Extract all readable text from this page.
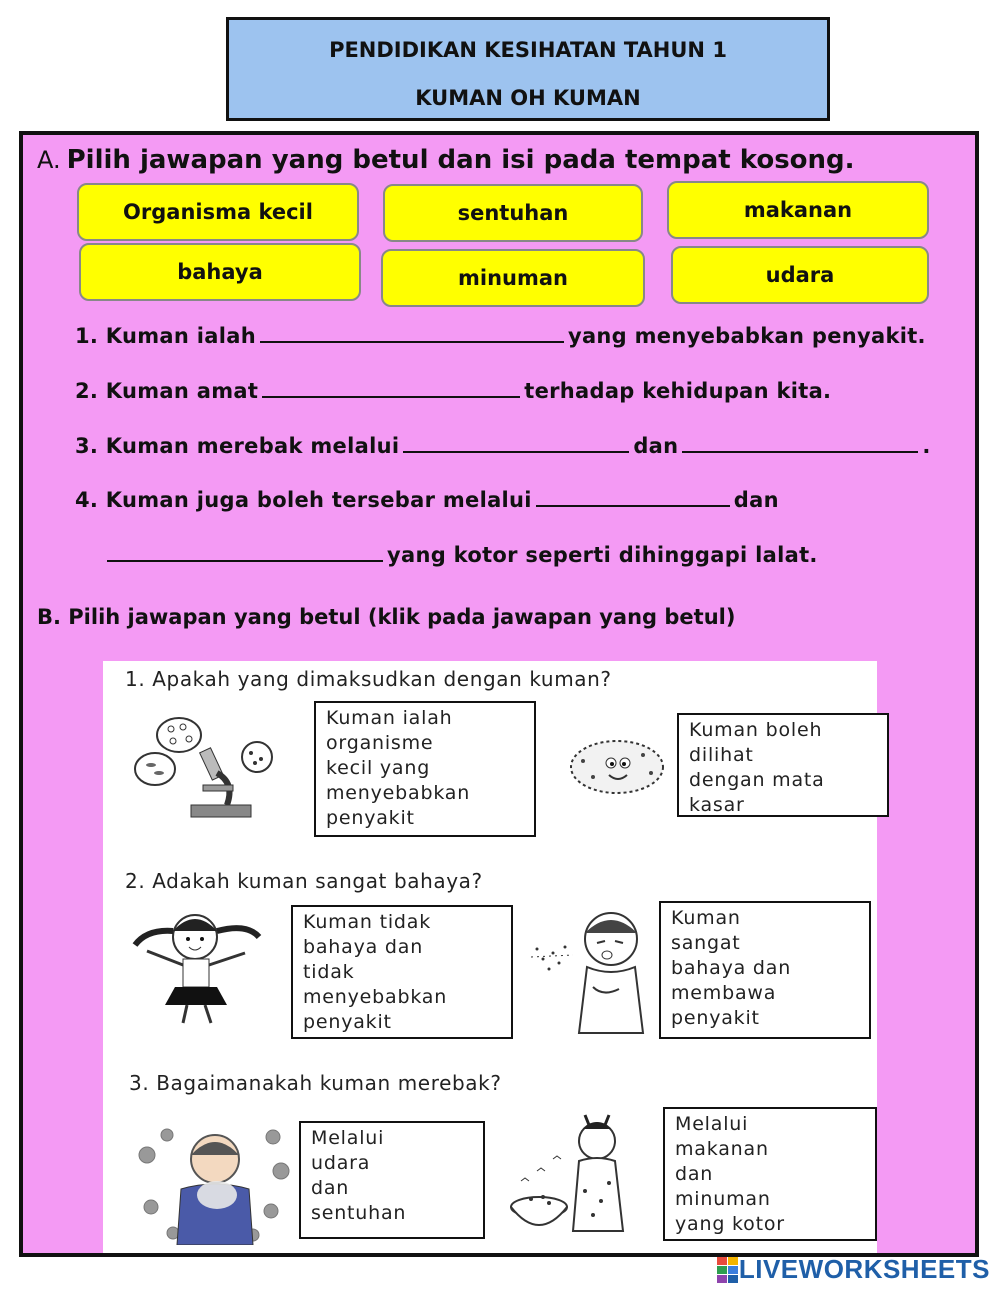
PENDIDIKAN KESIHATAN TAHUN 1
KUMAN OH KUMAN
A. Pilih jawapan yang betul dan isi pada tempat kosong.
Organisma kecil	sentuhan	makanan
bahaya	minuman	udara
1. Kuman ialah	yang menyebabkan penyakit.
2. Kuman amat	terhadap kehidupan kita.
3. Kuman merebak melalui	dan	.
4. Kuman juga boleh tersebar melalui	dan
yang kotor seperti dihinggapi lalat.
B. Pilih jawapan yang betul (klik pada jawapan yang betul)
1. Apakah yang dimaksudkan dengan kuman?
Kuman ialah
organisme
kecil yang
menyebabkan
penyakit
Kuman boleh
dilihat
dengan mata
kasar
2. Adakah kuman sangat bahaya?
Kuman tidak
bahaya dan
tidak
menyebabkan
penyakit
Kuman
sangat
bahaya dan
membawa
penyakit
3. Bagaimanakah kuman merebak?
Melalui
udara
dan
sentuhan
Melalui
makanan
dan
minuman
yang kotor
LIVEWORKSHEETS
